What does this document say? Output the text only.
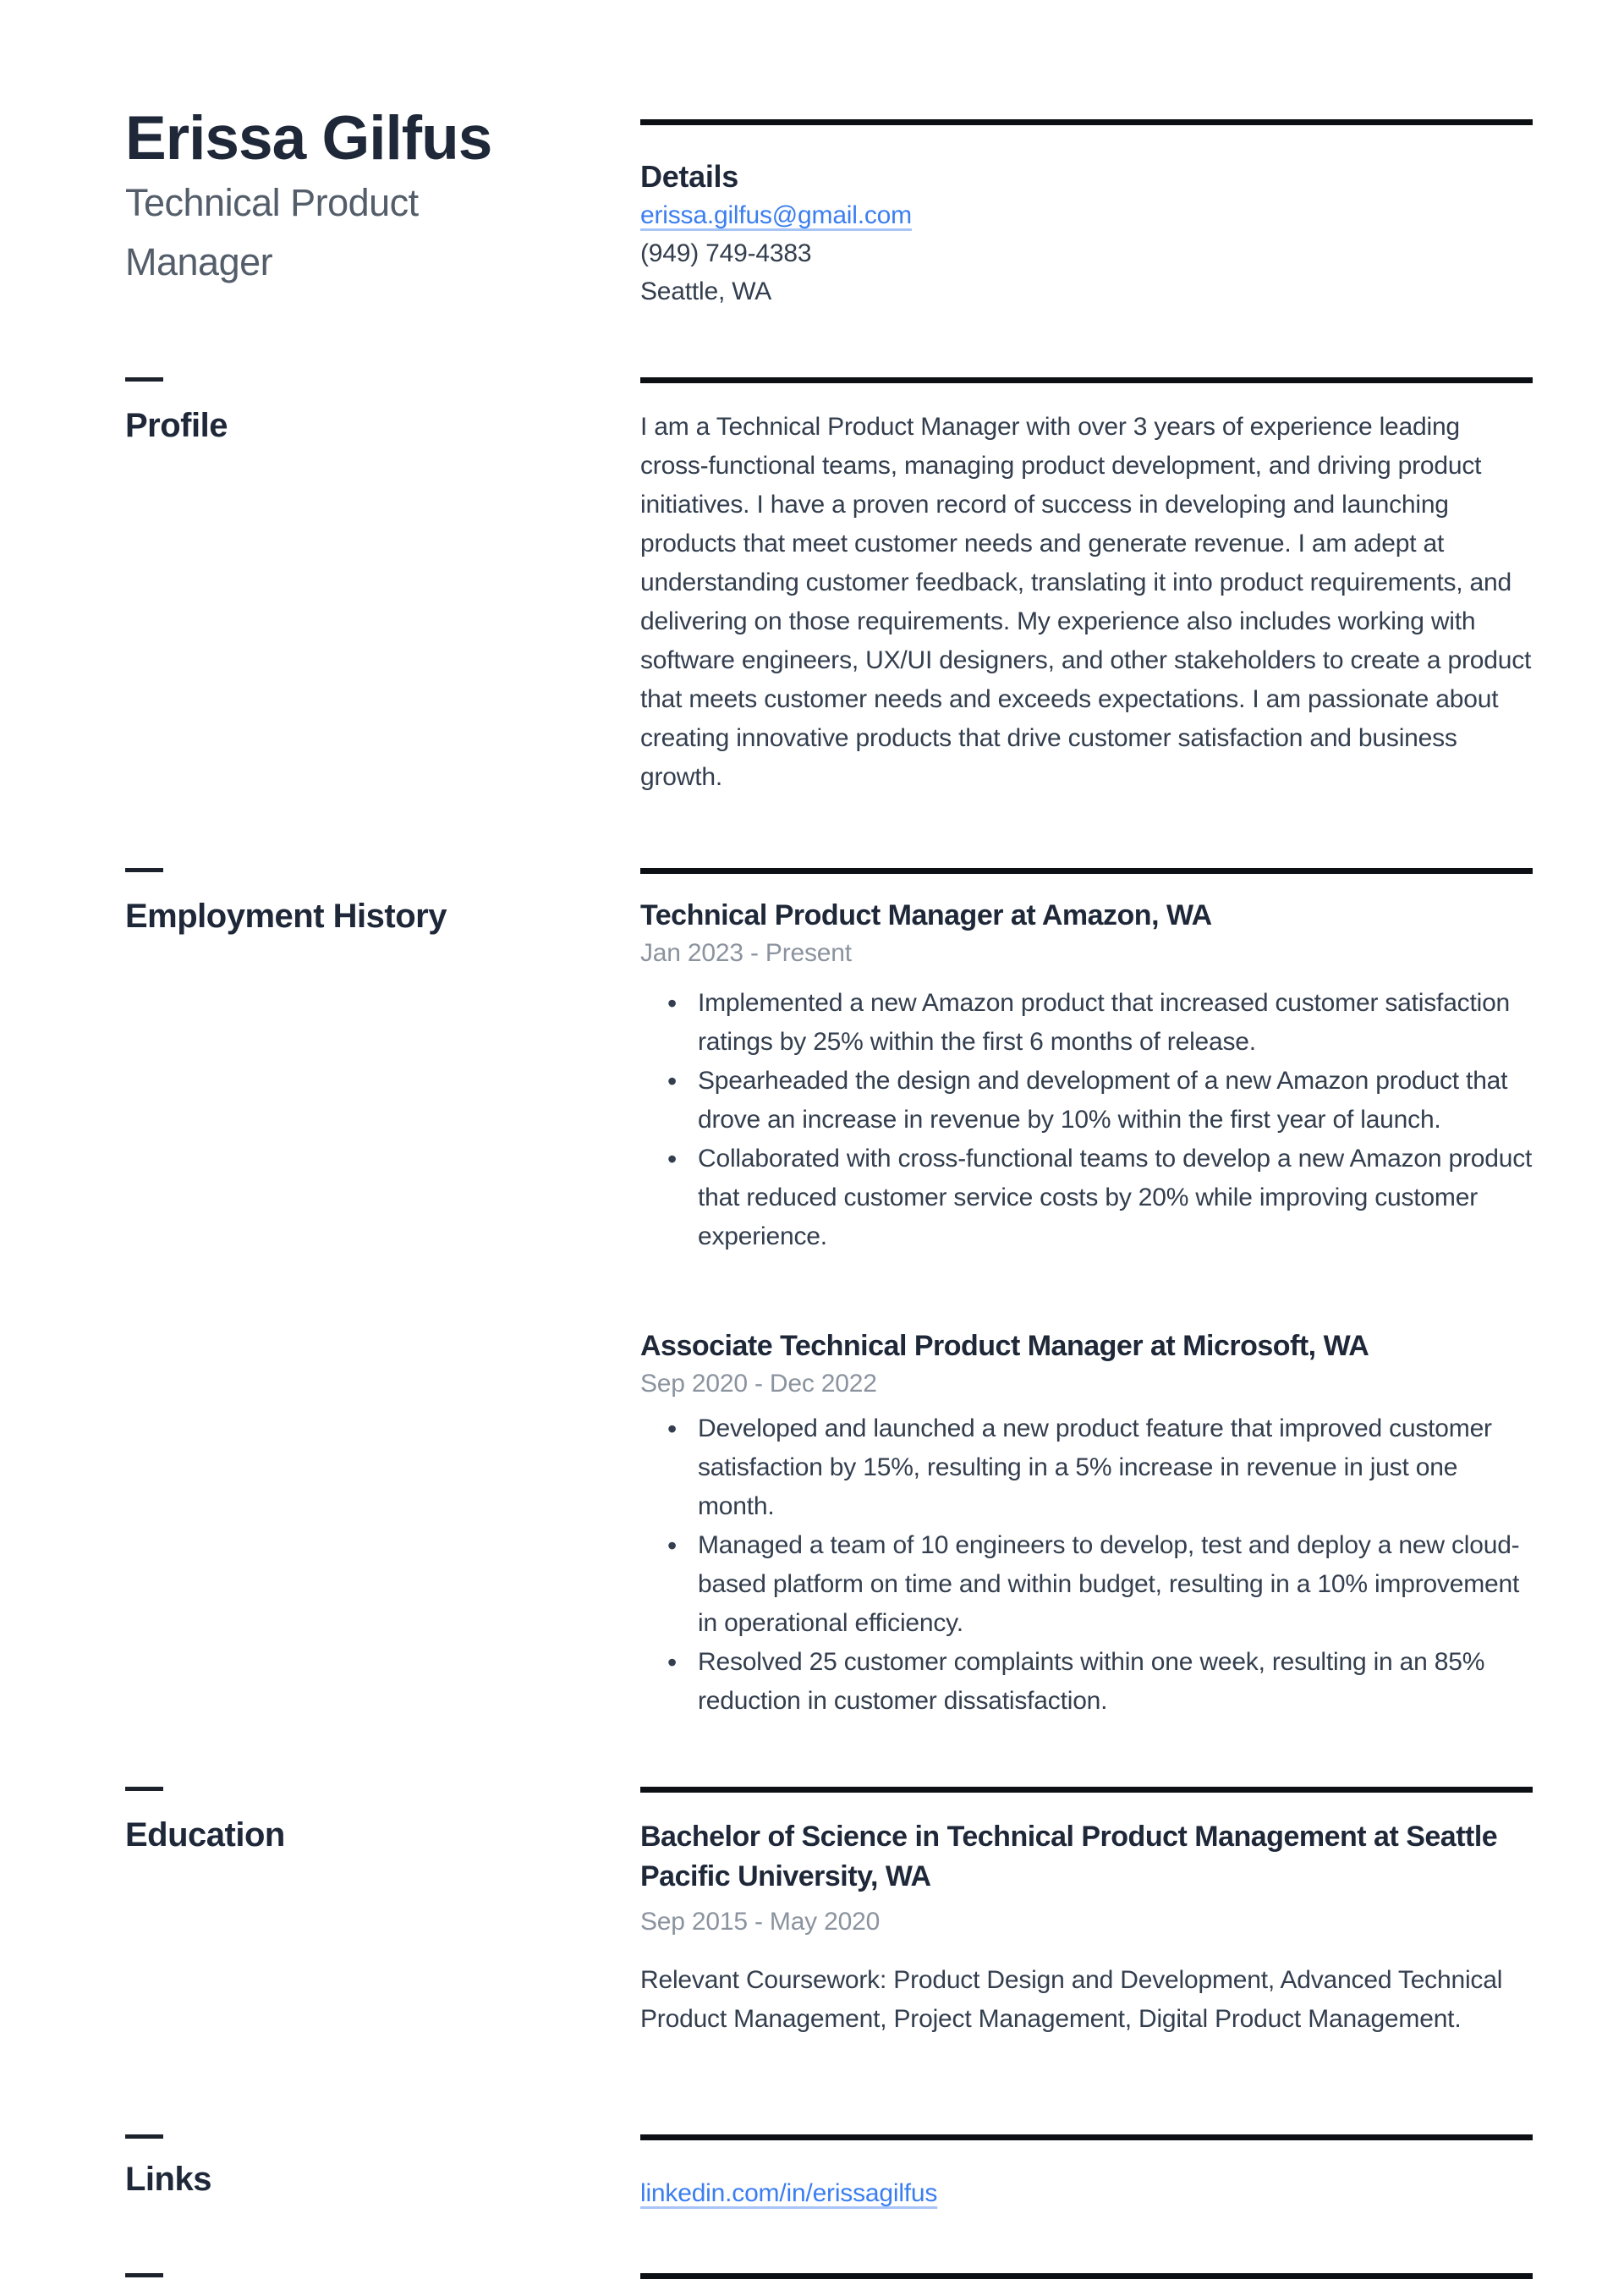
Erissa Gilfus
Technical Product Manager
Profile
Employment History
Education
Links
Details
erissa.gilfus@gmail.com
(949) 749-4383
Seattle, WA

I am a Technical Product Manager with over 3 years of experience leading cross-functional teams, managing product development, and driving product initiatives. I have a proven record of success in developing and launching products that meet customer needs and generate revenue. I am adept at understanding customer feedback, translating it into product requirements, and delivering on those requirements. My experience also includes working with software engineers, UX/UI designers, and other stakeholders to create a product that meets customer needs and exceeds expectations. I am passionate about creating innovative products that drive customer satisfaction and business growth.

Technical Product Manager at Amazon, WA
Jan 2023 - Present
• Implemented a new Amazon product that increased customer satisfaction ratings by 25% within the first 6 months of release.
• Spearheaded the design and development of a new Amazon product that drove an increase in revenue by 10% within the first year of launch.
• Collaborated with cross-functional teams to develop a new Amazon product that reduced customer service costs by 20% while improving customer experience.
Associate Technical Product Manager at Microsoft, WA
Sep 2020 - Dec 2022
• Developed and launched a new product feature that improved customer satisfaction by 15%, resulting in a 5% increase in revenue in just one month.
• Managed a team of 10 engineers to develop, test and deploy a new cloud-based platform on time and within budget, resulting in a 10% improvement in operational efficiency.
• Resolved 25 customer complaints within one week, resulting in an 85% reduction in customer dissatisfaction.
Bachelor of Science in Technical Product Management at Seattle Pacific University, WA
Sep 2015 - May 2020

Relevant Coursework: Product Design and Development, Advanced Technical Product Management, Project Management, Digital Product Management.

linkedin.com/in/erissagilfus
